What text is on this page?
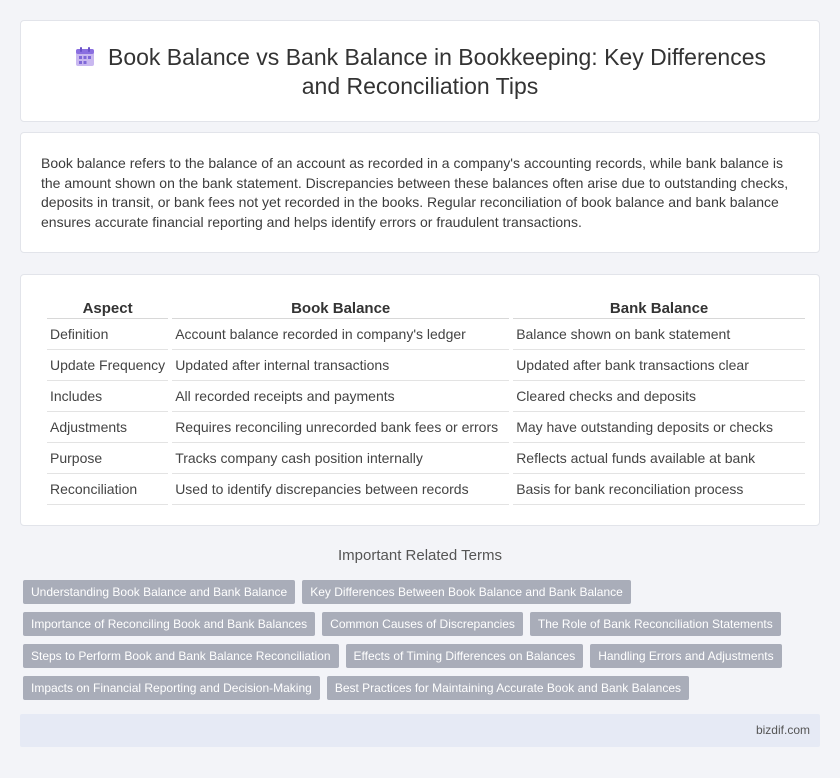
Book Balance vs Bank Balance in Bookkeeping: Key Differences
and Reconciliation Tips

Book balance refers to the balance of an account as recorded in a company's accounting records, while bank balance is the amount shown on the bank statement. Discrepancies between these balances often arise due to outstanding checks, deposits in transit, or bank fees not yet recorded in the books. Regular reconciliation of book balance and bank balance ensures accurate financial reporting and helps identify errors or fraudulent transactions.

Aspect	Book Balance	Bank Balance
Definition	Account balance recorded in company's ledger	Balance shown on bank statement
Update Frequency	Updated after internal transactions	Updated after bank transactions clear
Includes	All recorded receipts and payments	Cleared checks and deposits
Adjustments	Requires reconciling unrecorded bank fees or errors	May have outstanding deposits or checks
Purpose	Tracks company cash position internally	Reflects actual funds available at bank
Reconciliation	Used to identify discrepancies between records	Basis for bank reconciliation process
Important Related Terms
Understanding Book Balance and Bank Balance	Key Differences Between Book Balance and Bank Balance
Importance of Reconciling Book and Bank Balances	Common Causes of Discrepancies	The Role of Bank Reconciliation Statements
Steps to Perform Book and Bank Balance Reconciliation	Effects of Timing Differences on Balances	Handling Errors and Adjustments
Impacts on Financial Reporting and Decision-Making	Best Practices for Maintaining Accurate Book and Bank Balances
bizdif.com
